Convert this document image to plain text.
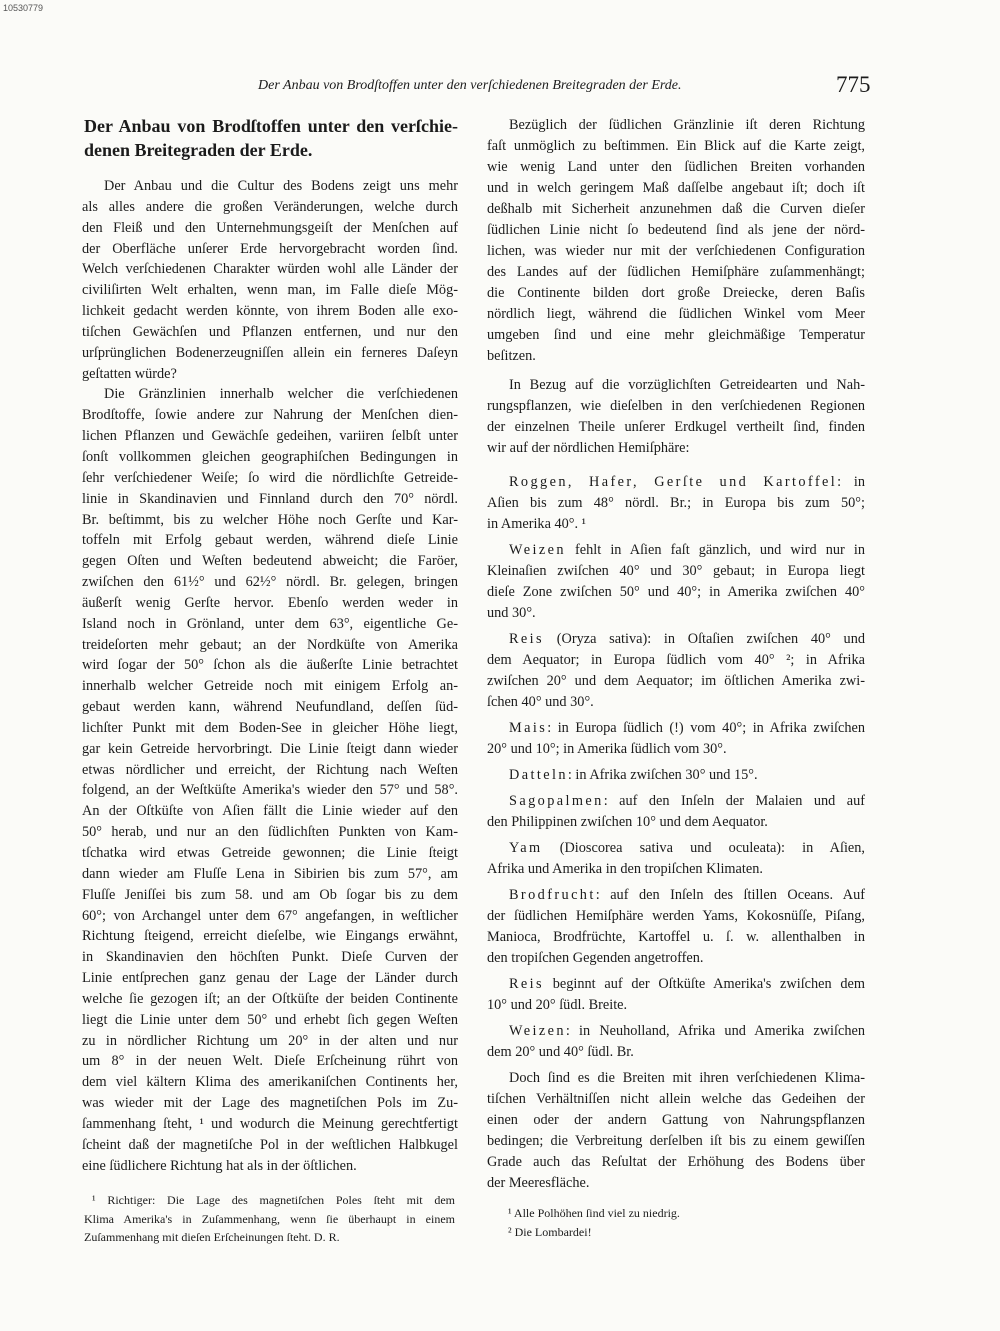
10530779
Der Anbau von Brodſtoffen unter den verſchiedenen Breitegraden der Erde.	775
Der Anbau von Brodſtoffen unter den verſchie-
denen Breitegraden der Erde.
Der Anbau und die Cultur des Bodens zeigt uns mehr
als alles andere die großen Veränderungen, welche durch
den Fleiß und den Unternehmungsgeiſt der Menſchen auf
der Oberfläche unſerer Erde hervorgebracht worden ſind.
Welch verſchiedenen Charakter würden wohl alle Länder der
civiliſirten Welt erhalten, wenn man, im Falle dieſe Mög-
lichkeit gedacht werden könnte, von ihrem Boden alle exo-
tiſchen Gewächſen und Pflanzen entfernen, und nur den
urſprünglichen Bodenerzeugniſſen allein ein ferneres Daſeyn
geſtatten würde?
Die Gränzlinien innerhalb welcher die verſchiedenen
Brodſtoffe, ſowie andere zur Nahrung der Menſchen dien-
lichen Pflanzen und Gewächſe gedeihen, variiren ſelbſt unter
ſonſt vollkommen gleichen geographiſchen Bedingungen in
ſehr verſchiedener Weiſe; ſo wird die nördlichſte Getreide-
linie in Skandinavien und Finnland durch den 70° nördl.
Br. beſtimmt, bis zu welcher Höhe noch Gerſte und Kar-
toffeln mit Erfolg gebaut werden, während dieſe Linie
gegen Oſten und Weſten bedeutend abweicht; die Faröer,
zwiſchen den 61½° und 62½° nördl. Br. gelegen, bringen
äußerſt wenig Gerſte hervor. Ebenſo werden weder in
Island noch in Grönland, unter dem 63°, eigentliche Ge-
treideſorten mehr gebaut; an der Nordküſte von Amerika
wird ſogar der 50° ſchon als die äußerſte Linie betrachtet
innerhalb welcher Getreide noch mit einigem Erfolg an-
gebaut werden kann, während Neufundland, deſſen ſüd-
lichſter Punkt mit dem Boden-See in gleicher Höhe liegt,
gar kein Getreide hervorbringt. Die Linie ſteigt dann wieder
etwas nördlicher und erreicht, der Richtung nach Weſten
folgend, an der Weſtküſte Amerika's wieder den 57° und 58°.
An der Oſtküſte von Aſien fällt die Linie wieder auf den
50° herab, und nur an den ſüdlichſten Punkten von Kam-
tſchatka wird etwas Getreide gewonnen; die Linie ſteigt
dann wieder am Fluſſe Lena in Sibirien bis zum 57°, am
Fluſſe Jeniſſei bis zum 58. und am Ob ſogar bis zu dem
60°; von Archangel unter dem 67° angefangen, in weſtlicher
Richtung ſteigend, erreicht dieſelbe, wie Eingangs erwähnt,
in Skandinavien den höchſten Punkt. Dieſe Curven der
Linie entſprechen ganz genau der Lage der Länder durch
welche ſie gezogen iſt; an der Oſtküſte der beiden Continente
liegt die Linie unter dem 50° und erhebt ſich gegen Weſten
zu in nördlicher Richtung um 20° in der alten und nur
um 8° in der neuen Welt. Dieſe Erſcheinung rührt von
dem viel kältern Klima des amerikaniſchen Continents her,
was wieder mit der Lage des magnetiſchen Pols im Zu-
ſammenhang ſteht, ¹ und wodurch die Meinung gerechtfertigt
ſcheint daß der magnetiſche Pol in der weſtlichen Halbkugel
eine ſüdlichere Richtung hat als in der öſtlichen.
¹ Richtiger: Die Lage des magnetiſchen Poles ſteht mit dem
Klima Amerika's in Zuſammenhang, wenn ſie überhaupt in einem
Zuſammenhang mit dieſen Erſcheinungen ſteht. D. R.
Bezüglich der ſüdlichen Gränzlinie iſt deren Richtung
faſt unmöglich zu beſtimmen. Ein Blick auf die Karte zeigt,
wie wenig Land unter den ſüdlichen Breiten vorhanden
und in welch geringem Maß daſſelbe angebaut iſt; doch iſt
deßhalb mit Sicherheit anzunehmen daß die Curven dieſer
ſüdlichen Linie nicht ſo bedeutend ſind als jene der nörd-
lichen, was wieder nur mit der verſchiedenen Configuration
des Landes auf der ſüdlichen Hemiſphäre zuſammenhängt;
die Continente bilden dort große Dreiecke, deren Baſis
nördlich liegt, während die ſüdlichen Winkel vom Meer
umgeben ſind und eine mehr gleichmäßige Temperatur
beſitzen.
In Bezug auf die vorzüglichſten Getreidearten und Nah-
rungspflanzen, wie dieſelben in den verſchiedenen Regionen
der einzelnen Theile unſerer Erdkugel vertheilt ſind, finden
wir auf der nördlichen Hemiſphäre:
Roggen, Hafer, Gerſte und Kartoffel: in
Aſien bis zum 48° nördl. Br.; in Europa bis zum 50°;
in Amerika 40°. ¹
Weizen fehlt in Aſien faſt gänzlich, und wird nur in
Kleinaſien zwiſchen 40° und 30° gebaut; in Europa liegt
dieſe Zone zwiſchen 50° und 40°; in Amerika zwiſchen 40°
und 30°.
Reis (Oryza sativa): in Oſtaſien zwiſchen 40° und
dem Aequator; in Europa ſüdlich vom 40° ²; in Afrika
zwiſchen 20° und dem Aequator; im öſtlichen Amerika zwi-
ſchen 40° und 30°.
Mais: in Europa ſüdlich (!) vom 40°; in Afrika zwiſchen
20° und 10°; in Amerika ſüdlich vom 30°.
Datteln: in Afrika zwiſchen 30° und 15°.
Sagopalmen: auf den Inſeln der Malaien und auf
den Philippinen zwiſchen 10° und dem Aequator.
Yam (Dioscorea sativa und oculeata): in Aſien,
Afrika und Amerika in den tropiſchen Klimaten.
Brodfrucht: auf den Inſeln des ſtillen Oceans. Auf
der ſüdlichen Hemiſphäre werden Yams, Kokosnüſſe, Piſang,
Manioca, Brodfrüchte, Kartoffel u. ſ. w. allenthalben in
den tropiſchen Gegenden angetroffen.
Reis beginnt auf der Oſtküſte Amerika's zwiſchen dem
10° und 20° ſüdl. Breite.
Weizen: in Neuholland, Afrika und Amerika zwiſchen
dem 20° und 40° ſüdl. Br.
Doch ſind es die Breiten mit ihren verſchiedenen Klima-
tiſchen Verhältniſſen nicht allein welche das Gedeihen der
einen oder der andern Gattung von Nahrungspflanzen
bedingen; die Verbreitung derſelben iſt bis zu einem gewiſſen
Grade auch das Reſultat der Erhöhung des Bodens über
der Meeresfläche.
¹ Alle Polhöhen ſind viel zu niedrig.
² Die Lombardei!
